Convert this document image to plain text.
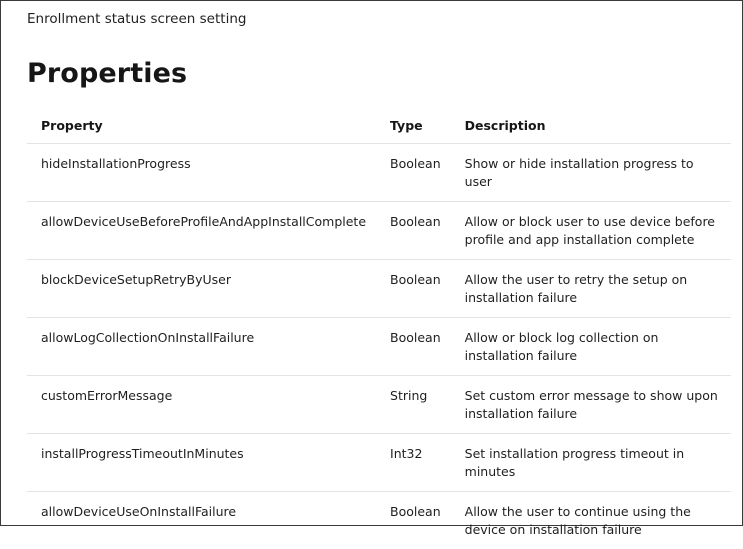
Enrollment status screen setting
Properties
Property	Type	Description
hideInstallationProgress	Boolean	Show or hide installation progress to user
allowDeviceUseBeforeProfileAndAppInstallComplete	Boolean	Allow or block user to use device before profile and app installation complete
blockDeviceSetupRetryByUser	Boolean	Allow the user to retry the setup on installation failure
allowLogCollectionOnInstallFailure	Boolean	Allow or block log collection on installation failure
customErrorMessage	String	Set custom error message to show upon installation failure
installProgressTimeoutInMinutes	Int32	Set installation progress timeout in minutes
allowDeviceUseOnInstallFailure	Boolean	Allow the user to continue using the device on installation failure
